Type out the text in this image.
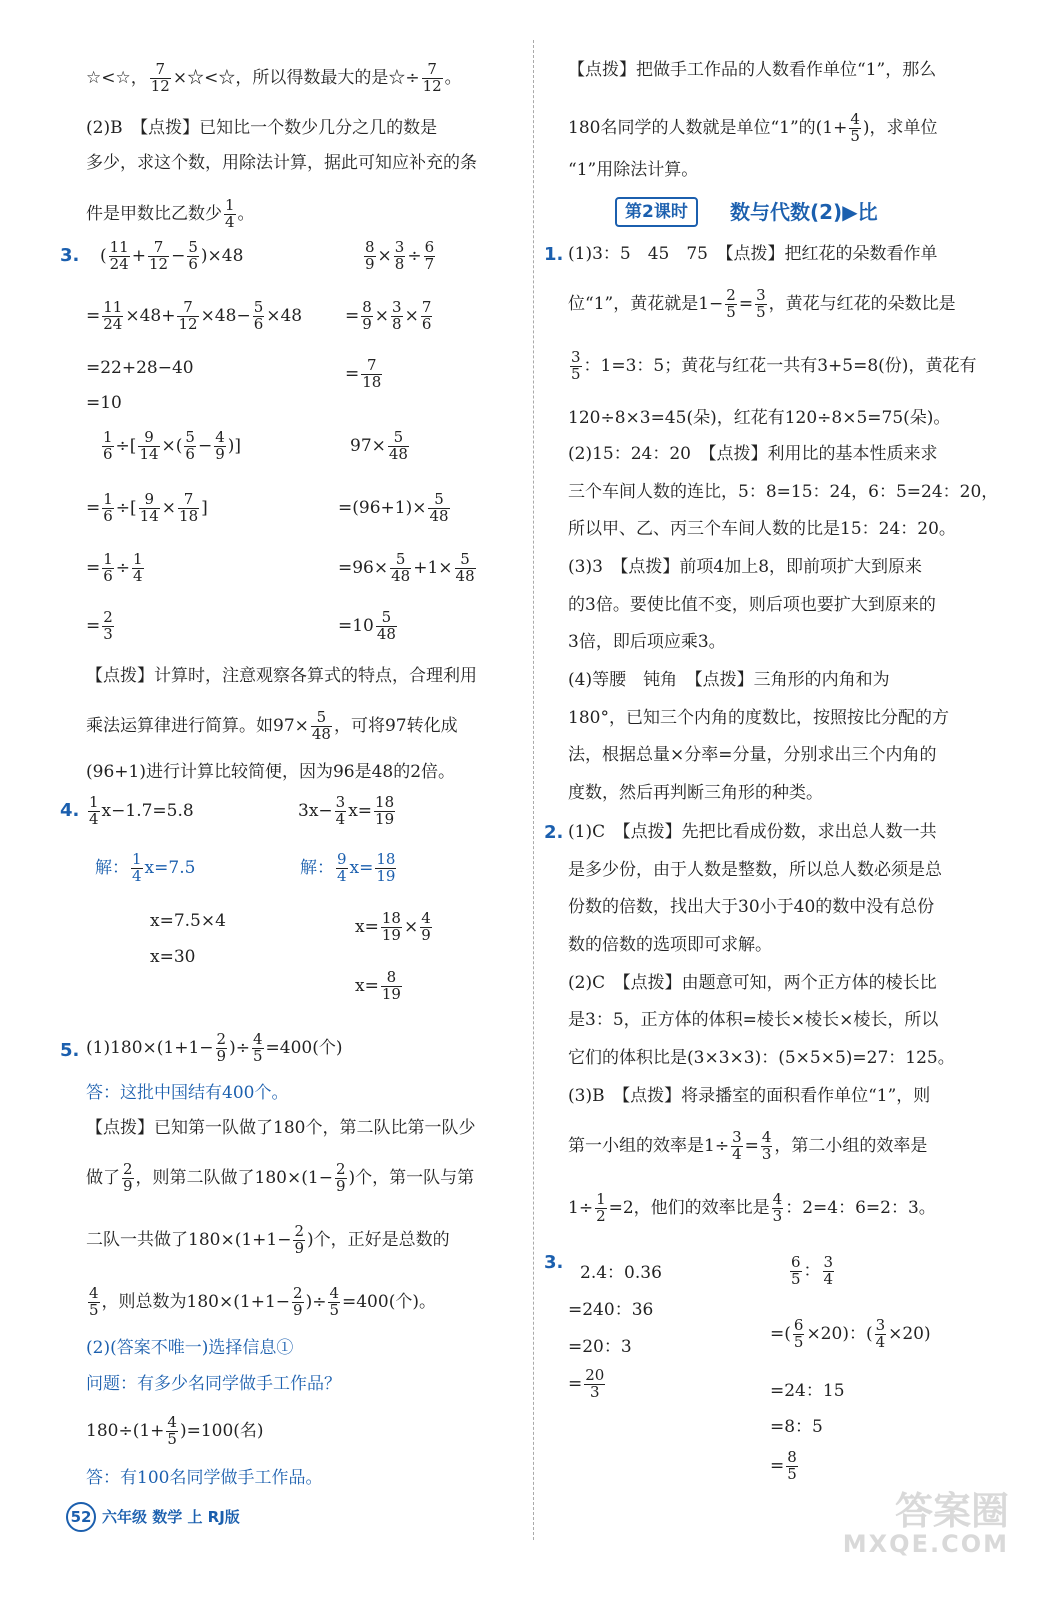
☆<☆， $\frac{7}{12}$ ×☆<☆，所以得数最大的是☆÷ $\frac{7}{12}$ 。
(2)B　【点拨】已知比一个数少几分之几的数是
多少，求这个数，用除法计算，据此可知应补充的条
件是甲数比乙数少 $\frac{1}{4}$ 。
3. ( $\frac{11}{24} + \frac{7}{12} - \frac{5}{6} )\times 48$
= $\frac{11}{24} \times 48+ \frac{7}{12} \times 48- \frac{5}{6} \times 48$
=22+28−40
=10
$\frac{8}{9} \times \frac{3}{8} \div \frac{6}{7}$
= $\frac{8}{9} \times \frac{3}{8} \times \frac{7}{6}$
= $\frac{7}{18}$
$\frac{1}{6}$ ÷[ $\frac{9}{14}$ ×( $\frac{5}{6} - \frac{4}{9}$ )]
= $\frac{1}{6}$ ÷[ $\frac{9}{14} \times \frac{7}{18}$ ]
= $\frac{1}{6} \div \frac{1}{4}$
= $\frac{2}{3}$
$97\times \frac{5}{48}$
$=(96+1)\times \frac{5}{48}$
$=96\times \frac{5}{48} +1\times \frac{5}{48}$
$=10 \frac{5}{48}$
【点拨】计算时，注意观察各算式的特点，合理利用
乘法运算律进行简算。如$97\times \frac{5}{48}$ ，可将97转化成
(96+1)进行计算比较简便，因为96是48的2倍。
4. $\frac{1}{4} x-1.7=5.8$
解： $\frac{1}{4} x=7.5$
x=7.5×4
x=30
$3x- \frac{3}{4} x= \frac{18}{19}$
解： $\frac{9}{4} x= \frac{18}{19}$
$x= \frac{18}{19} \times \frac{4}{9}$
$x= \frac{8}{19}$
5. $(1)180\times(1+1- \frac{2}{9}$ )÷ $\frac{4}{5} =400$(个)
答：这批中国结有400个。
【点拨】已知第一队做了180个，第二队比第一队少
做了 $\frac{2}{9}$ ，则第二队做了$180\times(1- \frac{2}{9}$ )个，第一队与第
二队一共做了$180\times(1+1- \frac{2}{9}$ )个，正好是总数的
$\frac{4}{5}$ ，则总数为$180\times(1+1- \frac{2}{9}$ )÷ $\frac{4}{5} =400$(个)。
(2)(答案不唯一)选择信息①
问题：有多少名同学做手工作品？
$180\div(1+ \frac{4}{5} )=100$(名)
答：有100名同学做手工作品。
【点拨】把做手工作品的人数看作单位“1”，那么
180名同学的人数就是单位“1”的($1+ \frac{4}{5}$ )，求单位
“1”用除法计算。
第2课时	数与代数(2)▶比
1. (1)3：5　45　75　【点拨】把红花的朵数看作单
位“1”，黄花就是$1- \frac{2}{5} = \frac{3}{5}$ ，黄花与红花的朵数比是
$\frac{3}{5}$ ：1=3：5；黄花与红花一共有3+5=8(份)，黄花有
120÷8×3=45(朵)，红花有120÷8×5=75(朵)。
(2)15：24：20　【点拨】利用比的基本性质来求
三个车间人数的连比，5：8=15：24，6：5=24：20，
所以甲、乙、丙三个车间人数的比是15：24：20。
(3)3　【点拨】前项4加上8，即前项扩大到原来
的3倍。要使比值不变，则后项也要扩大到原来的
3倍，即后项应乘3。
(4)等腰　钝角　【点拨】三角形的内角和为
180°，已知三个内角的度数比，按照按比分配的方
法，根据总量×分率=分量，分别求出三个内角的
度数，然后再判断三角形的种类。
2. (1)C　【点拨】先把比看成份数，求出总人数一共
是多少份，由于人数是整数，所以总人数必须是总
份数的倍数，找出大于30小于40的数中没有总份
数的倍数的选项即可求解。
(2)C　【点拨】由题意可知，两个正方体的棱长比
是3：5，正方体的体积=棱长×棱长×棱长，所以
它们的体积比是(3×3×3)：(5×5×5)=27：125。
(3)B　【点拨】将录播室的面积看作单位“1”，则
第一小组的效率是$1\div \frac{3}{4} = \frac{4}{3}$ ，第二小组的效率是
$1\div \frac{1}{2} =2$，他们的效率比是 $\frac{4}{3}$ ：2=4：6=2：3。
3. 2.4：0.36
=240：36
=20：3
= $\frac{20}{3}$
$\frac{6}{5}$ ： $\frac{3}{4}$
=( $\frac{6}{5} \times 20$)：( $\frac{3}{4} \times 20$)
=24：15
=8：5
= $\frac{8}{5}$
52 六年级 数学 上 RJ版	答案圈
MXQE.COM
